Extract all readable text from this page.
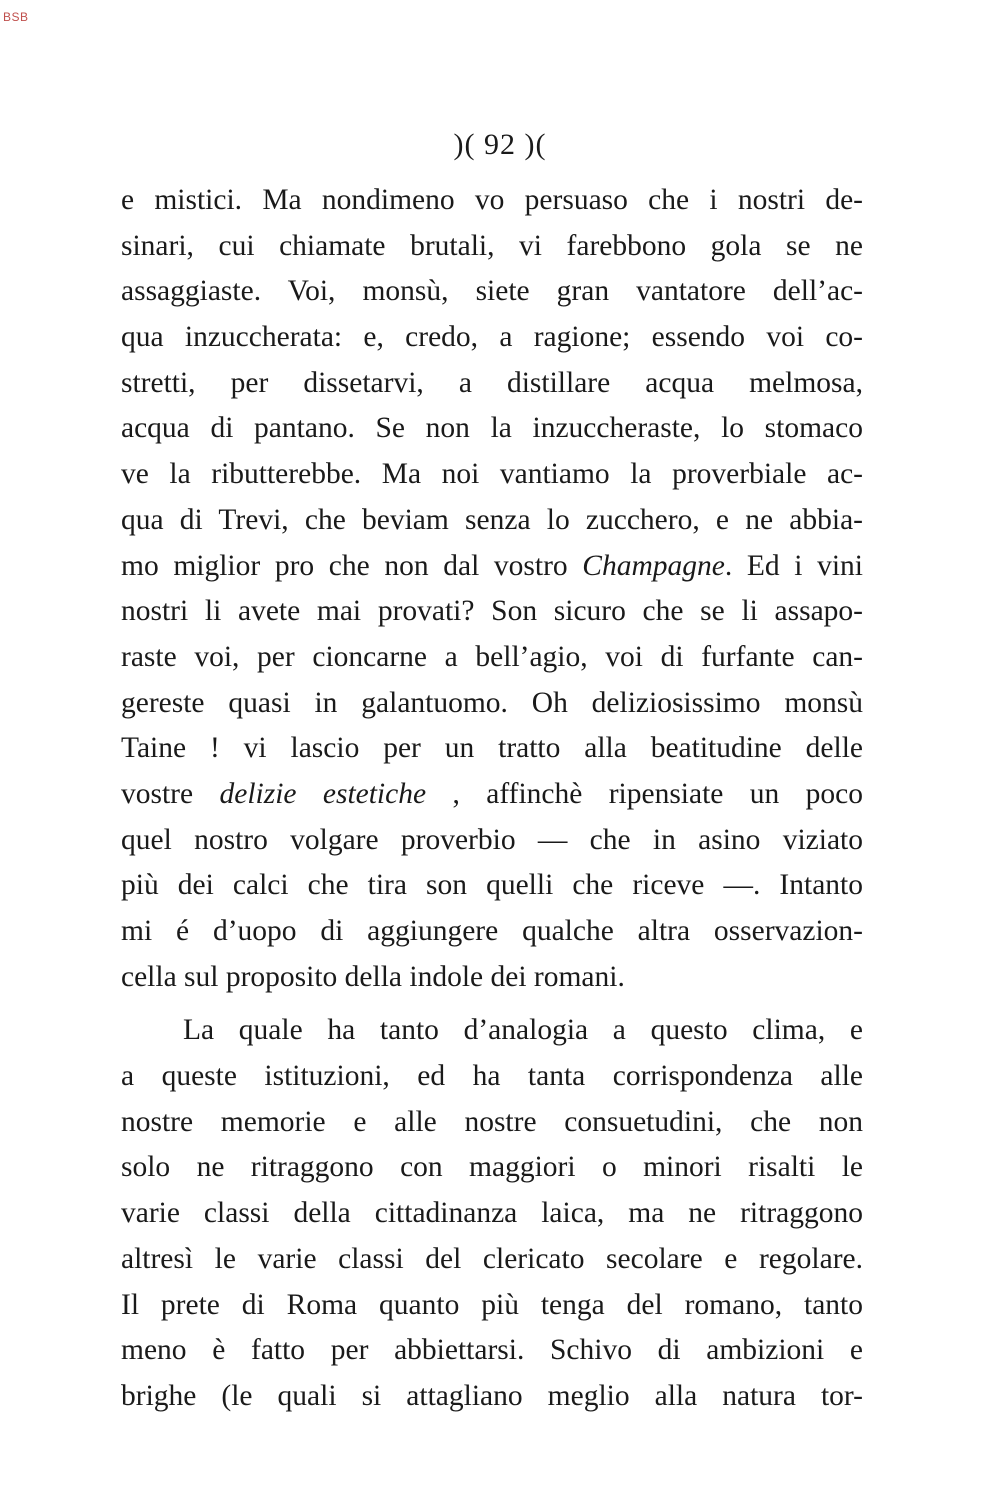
BSB
)( 92 )(
e mistici. Ma nondimeno vo persuaso che i nostri de-
sinari, cui chiamate brutali, vi farebbono gola se ne
assaggiaste. Voi, monsù, siete gran vantatore dell’ac-
qua inzuccherata: e, credo, a ragione; essendo voi co-
stretti, per dissetarvi, a distillare acqua melmosa,
acqua di pantano. Se non la inzuccheraste, lo stomaco
ve la ributterebbe. Ma noi vantiamo la proverbiale ac-
qua di Trevi, che beviam senza lo zucchero, e ne abbia-
mo miglior pro che non dal vostro Champagne. Ed i vini
nostri li avete mai provati? Son sicuro che se li assapo-
raste voi, per cioncarne a bell’agio, voi di furfante can-
gereste quasi in galantuomo. Oh deliziosissimo monsù
Taine ! vi lascio per un tratto alla beatitudine delle
vostre delizie estetiche , affinchè ripensiate un poco
quel nostro volgare proverbio — che in asino viziato
più dei calci che tira son quelli che riceve —. Intanto
mi é d’uopo di aggiungere qualche altra osservazion-
cella sul proposito della indole dei romani.
La quale ha tanto d’analogia a questo clima, e
a queste istituzioni, ed ha tanta corrispondenza alle
nostre memorie e alle nostre consuetudini, che non
solo ne ritraggono con maggiori o minori risalti le
varie classi della cittadinanza laica, ma ne ritraggono
altresì le varie classi del clericato secolare e regolare.
Il prete di Roma quanto più tenga del romano, tanto
meno è fatto per abbiettarsi. Schivo di ambizioni e
brighe (le quali si attagliano meglio alla natura tor-
